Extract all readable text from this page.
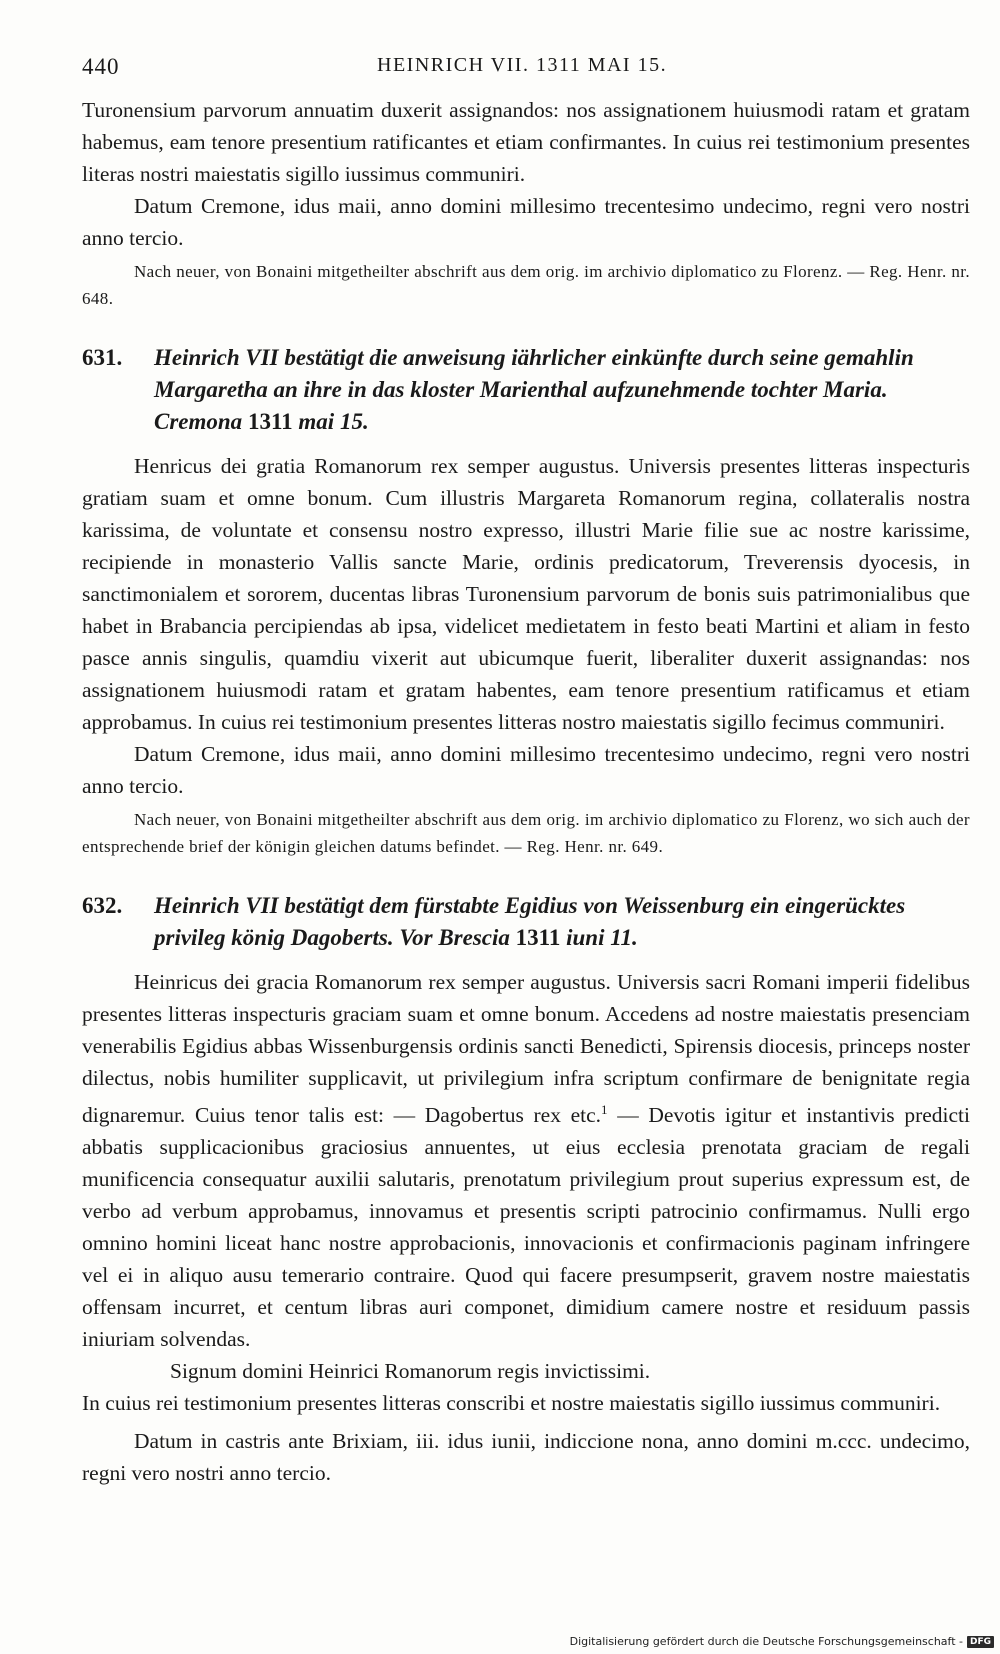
440	HEINRICH VII. 1311 MAI 15.

Turonensium parvorum annuatim duxerit assignandos: nos assignationem huiusmodi ratam et gratam habemus, eam tenore presentium ratificantes et etiam confirmantes. In cuius rei testimonium presentes literas nostri maiestatis sigillo iussimus communiri.

Datum Cremone, idus maii, anno domini millesimo trecentesimo undecimo, regni vero nostri anno tercio.

Nach neuer, von Bonaini mitgetheilter abschrift aus dem orig. im archivio diplomatico zu Florenz. — Reg. Henr. nr. 648.

631. Heinrich VII bestätigt die anweisung iährlicher einkünfte durch seine gemahlin Margaretha an ihre in das kloster Marienthal aufzunehmende tochter Maria. Cremona 1311 mai 15.

Henricus dei gratia Romanorum rex semper augustus. Universis presentes litteras inspecturis gratiam suam et omne bonum. Cum illustris Margareta Romanorum regina, collateralis nostra karissima, de voluntate et consensu nostro expresso, illustri Marie filie sue ac nostre karissime, recipiende in monasterio Vallis sancte Marie, ordinis predicatorum, Treverensis dyocesis, in sanctimonialem et sororem, ducentas libras Turonensium parvorum de bonis suis patrimonialibus que habet in Brabancia percipiendas ab ipsa, videlicet medietatem in festo beati Martini et aliam in festo pasce annis singulis, quamdiu vixerit aut ubicumque fuerit, liberaliter duxerit assignandas: nos assignationem huiusmodi ratam et gratam habentes, eam tenore presentium ratificamus et etiam approbamus. In cuius rei testimonium presentes litteras nostro maiestatis sigillo fecimus communiri.

Datum Cremone, idus maii, anno domini millesimo trecentesimo undecimo, regni vero nostri anno tercio.

Nach neuer, von Bonaini mitgetheilter abschrift aus dem orig. im archivio diplomatico zu Florenz, wo sich auch der entsprechende brief der königin gleichen datums befindet. — Reg. Henr. nr. 649.

632. Heinrich VII bestätigt dem fürstabte Egidius von Weissenburg ein eingerücktes privileg könig Dagoberts. Vor Brescia 1311 iuni 11.

Heinricus dei gracia Romanorum rex semper augustus. Universis sacri Romani imperii fidelibus presentes litteras inspecturis graciam suam et omne bonum. Accedens ad nostre maiestatis presenciam venerabilis Egidius abbas Wissenburgensis ordinis sancti Benedicti, Spirensis diocesis, princeps noster dilectus, nobis humiliter supplicavit, ut privilegium infra scriptum confirmare de benignitate regia dignaremur. Cuius tenor talis est: — Dagobertus rex etc.$^1$ — Devotis igitur et instantivis predicti abbatis supplicacionibus graciosius annuentes, ut eius ecclesia prenotata graciam de regali munificencia consequatur auxilii salutaris, prenotatum privilegium prout superius expressum est, de verbo ad verbum approbamus, innovamus et presentis scripti patrocinio confirmamus. Nulli ergo omnino homini liceat hanc nostre approbacionis, innovacionis et confirmacionis paginam infringere vel ei in aliquo ausu temerario contraire. Quod qui facere presumpserit, gravem nostre maiestatis offensam incurret, et centum libras auri componet, dimidium camere nostre et residuum passis iniuriam solvendas.

Signum domini Heinrici Romanorum regis invictissimi.

In cuius rei testimonium presentes litteras conscribi et nostre maiestatis sigillo iussimus communiri.

Datum in castris ante Brixiam, iii. idus iunii, indiccione nona, anno domini m.ccc. undecimo, regni vero nostri anno tercio.

Digitalisierung gefördert durch die Deutsche Forschungsgemeinschaft - DFG
